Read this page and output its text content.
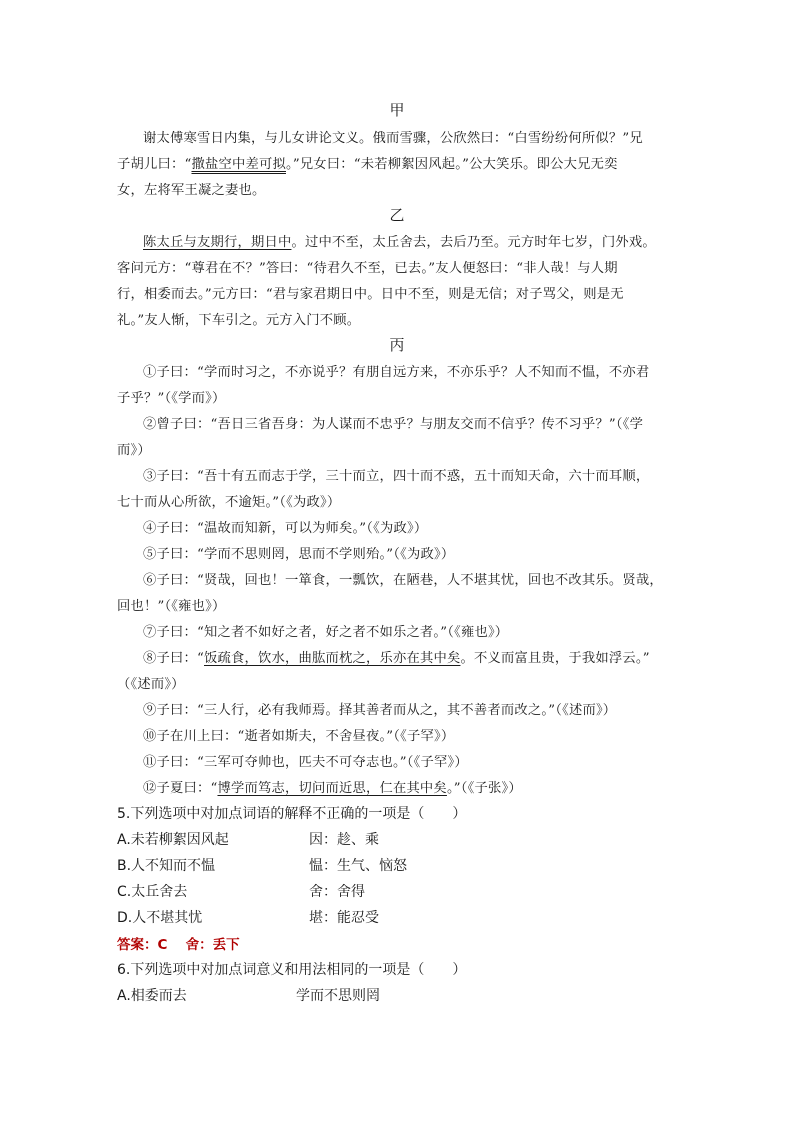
甲
谢太傅寒雪日内集，与儿女讲论文义。俄而雪骤，公欣然曰：“白雪纷纷何所似？”兄
子胡儿曰：“撒盐空中差可拟。”兄女曰：“未若柳絮因风起。”公大笑乐。即公大兄无奕
女，左将军王凝之妻也。
乙
陈太丘与友期行，期日中。过中不至，太丘舍去，去后乃至。元方时年七岁，门外戏。
客问元方：“尊君在不？”答曰：“待君久不至，已去。”友人便怒曰：“非人哉！与人期
行，相委而去。”元方曰：“君与家君期日中。日中不至，则是无信；对子骂父，则是无
礼。”友人惭，下车引之。元方入门不顾。
丙
①子曰：“学而时习之，不亦说乎？有朋自远方来，不亦乐乎？人不知而不愠，不亦君
子乎？”（《学而》）
②曾子曰：“吾日三省吾身：为人谋而不忠乎？与朋友交而不信乎？传不习乎？”（《学
而》）
③子曰：“吾十有五而志于学，三十而立，四十而不惑，五十而知天命，六十而耳顺，
七十而从心所欲，不逾矩。”（《为政》）
④子曰：“温故而知新，可以为师矣。”（《为政》）
⑤子曰：“学而不思则罔，思而不学则殆。”（《为政》）
⑥子曰：“贤哉，回也！一箪食，一瓢饮，在陋巷，人不堪其忧，回也不改其乐。贤哉，
回也！”（《雍也》）
⑦子曰：“知之者不如好之者，好之者不如乐之者。”（《雍也》）
⑧子曰：“饭疏食，饮水，曲肱而枕之，乐亦在其中矣。不义而富且贵，于我如浮云。”
（《述而》）
⑨子曰：“三人行，必有我师焉。择其善者而从之，其不善者而改之。”（《述而》）
⑩子在川上曰：“逝者如斯夫，不舍昼夜。”（《子罕》）
⑪子曰：“三军可夺帅也，匹夫不可夺志也。”（《子罕》）
⑫子夏曰：“博学而笃志，切问而近思，仁在其中矣。”（《子张》）
5.下列选项中对加点词语的解释不正确的一项是（　　）
A.未若柳絮因风起	因：趁、乘
B.人不知而不愠	愠：生气、恼怒
C.太丘舍去	舍：舍得
D.人不堪其忧	堪：能忍受
答案：C　 舍：丢下
6.下列选项中对加点词意义和用法相同的一项是（　　）
A.相委而去	学而不思则罔
